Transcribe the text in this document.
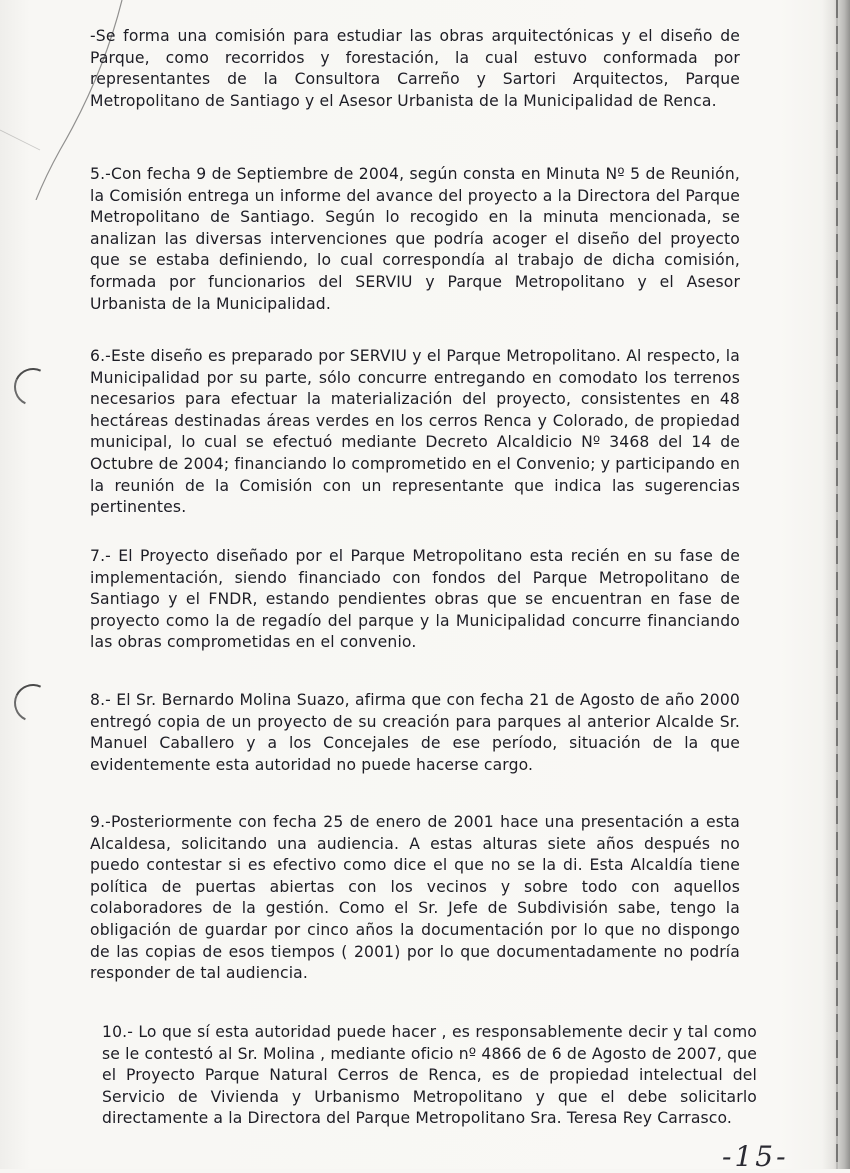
-Se forma una comisión para estudiar las obras arquitectónicas y el diseño de Parque, como recorridos y forestación, la cual estuvo conformada por representantes de la Consultora Carreño y Sartori Arquitectos, Parque Metropolitano de Santiago y el Asesor Urbanista de la Municipalidad de Renca.

5.-Con fecha 9 de Septiembre de 2004, según consta en Minuta Nº 5 de Reunión, la Comisión entrega un informe del avance del proyecto a la Directora del Parque Metropolitano de Santiago. Según lo recogido en la minuta mencionada, se analizan las diversas intervenciones que podría acoger el diseño del proyecto que se estaba definiendo, lo cual correspondía al trabajo de dicha comisión, formada por funcionarios del SERVIU y Parque Metropolitano y el Asesor Urbanista de la Municipalidad.

6.-Este diseño es preparado por SERVIU y el Parque Metropolitano. Al respecto, la Municipalidad por su parte, sólo concurre entregando en comodato los terrenos necesarios para efectuar la materialización del proyecto, consistentes en 48 hectáreas destinadas áreas verdes en los cerros Renca y Colorado, de propiedad municipal, lo cual se efectuó mediante Decreto Alcaldicio Nº 3468 del 14 de Octubre de 2004; financiando lo comprometido en el Convenio; y participando en la reunión de la Comisión con un representante que indica las sugerencias pertinentes.

7.- El Proyecto diseñado por el Parque Metropolitano esta recién en su fase de implementación, siendo financiado con fondos del Parque Metropolitano de Santiago y el FNDR, estando pendientes obras que se encuentran en fase de proyecto como la de regadío del parque y la Municipalidad concurre financiando las obras comprometidas en el convenio.

8.- El Sr. Bernardo Molina Suazo, afirma que con fecha 21 de Agosto de año 2000 entregó copia de un proyecto de su creación para parques al anterior Alcalde Sr. Manuel Caballero y a los Concejales de ese período, situación de la que evidentemente esta autoridad no puede hacerse cargo.

9.-Posteriormente con fecha 25 de enero de 2001 hace una presentación a esta Alcaldesa, solicitando una audiencia. A estas alturas siete años después no puedo contestar si es efectivo como dice el que no se la di. Esta Alcaldía tiene política de puertas abiertas con los vecinos y sobre todo con aquellos colaboradores de la gestión. Como el Sr. Jefe de Subdivisión sabe, tengo la obligación de guardar por cinco años la documentación por lo que no dispongo de las copias de esos tiempos ( 2001) por lo que documentadamente no podría responder de tal audiencia.

10.- Lo que sí esta autoridad puede hacer , es responsablemente decir y tal como se le contestó al Sr. Molina , mediante oficio nº 4866 de 6 de Agosto de 2007, que el Proyecto Parque Natural Cerros de Renca, es de propiedad intelectual del Servicio de Vivienda y Urbanismo Metropolitano y que el debe solicitarlo directamente a la Directora del Parque Metropolitano Sra. Teresa Rey Carrasco.

-15-
